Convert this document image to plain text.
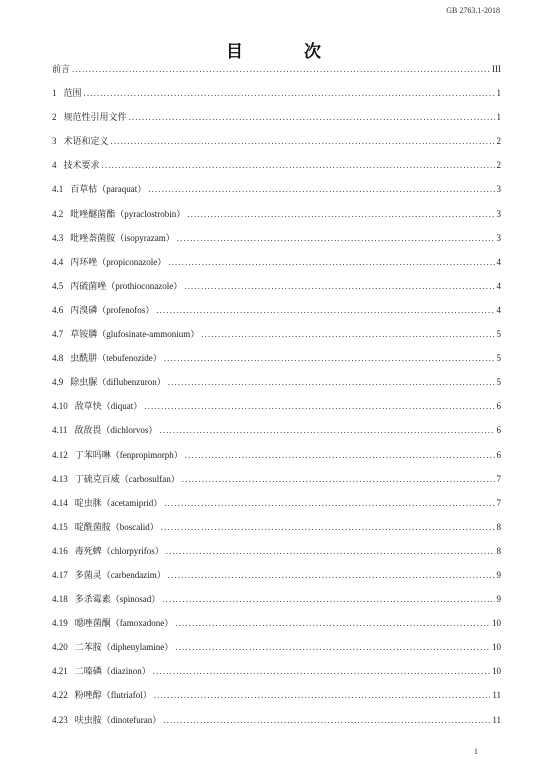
GB 2763.1-2018
目　次
前言 .....	III
1 范围 .....	1
2 规范性引用文件 .....	1
3 术语和定义 .....	2
4 技术要求 .....	2
4.1 百草枯（paraquat） .....	3
4.2 吡唑醚菌酯（pyraclostrobin） .....	3
4.3 吡唑萘菌胺（isopyrazam） .....	3
4.4 丙环唑（propiconazole） .....	4
4.5 丙硫菌唑（prothioconazole） .....	4
4.6 丙溴磷（profenofos） .....	4
4.7 草铵膦（glufosinate-ammonium） .....	5
4.8 虫酰肼（tebufenozide） .....	5
4.9 除虫脲（diflubenzuron） .....	5
4.10 敌草快（diquat） .....	6
4.11 敌敌畏（dichlorvos） .....	6
4.12 丁苯吗啉（fenpropimorph） .....	6
4.13 丁硫克百威（carbosulfan） .....	7
4.14 啶虫脒（acetamiprid） .....	7
4.15 啶酰菌胺（boscalid） .....	8
4.16 毒死蜱（chlorpyrifos） .....	8
4.17 多菌灵（carbendazim） .....	9
4.18 多杀霉素（spinosad） .....	9
4.19 噁唑菌酮（famoxadone） .....	10
4.20 二苯胺（diphenylamine） .....	10
4.21 二嗪磷（diazinon） .....	10
4.22 粉唑醇（flutriafol） .....	11
4.23 呋虫胺（dinotefuran） .....	11
1
